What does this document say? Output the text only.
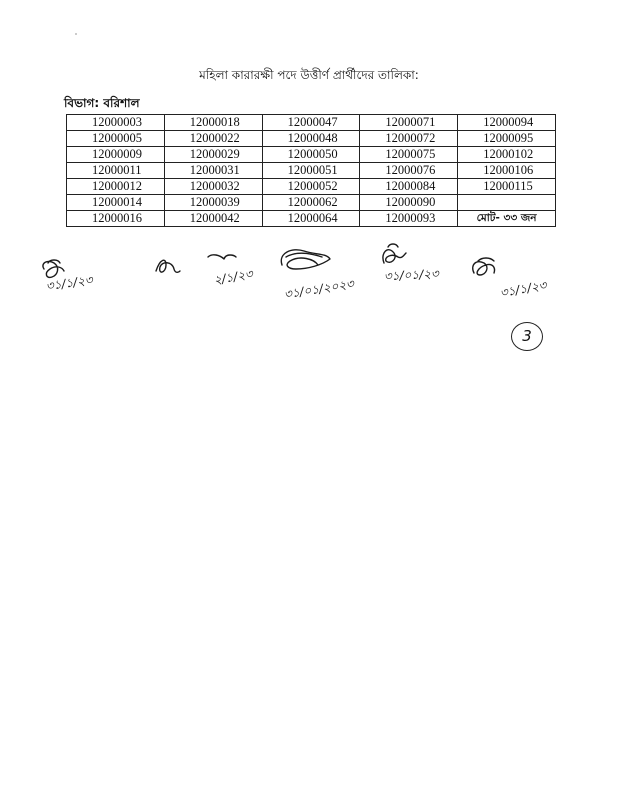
মহিলা কারারক্ষী পদে উত্তীর্ণ প্রার্থীদের তালিকা:
বিভাগ: বরিশাল
12000003	12000018	12000047	12000071	12000094
12000005	12000022	12000048	12000072	12000095
12000009	12000029	12000050	12000075	12000102
12000011	12000031	12000051	12000076	12000106
12000012	12000032	12000052	12000084	12000115
12000014	12000039	12000062	12000090	
12000016	12000042	12000064	12000093	মোট- ৩৩ জন
৩১/১/২৩	২/১/২৩ ৩১/০১/২০২৩
৩১/০১/২৩
৩১/১/২৩
3
